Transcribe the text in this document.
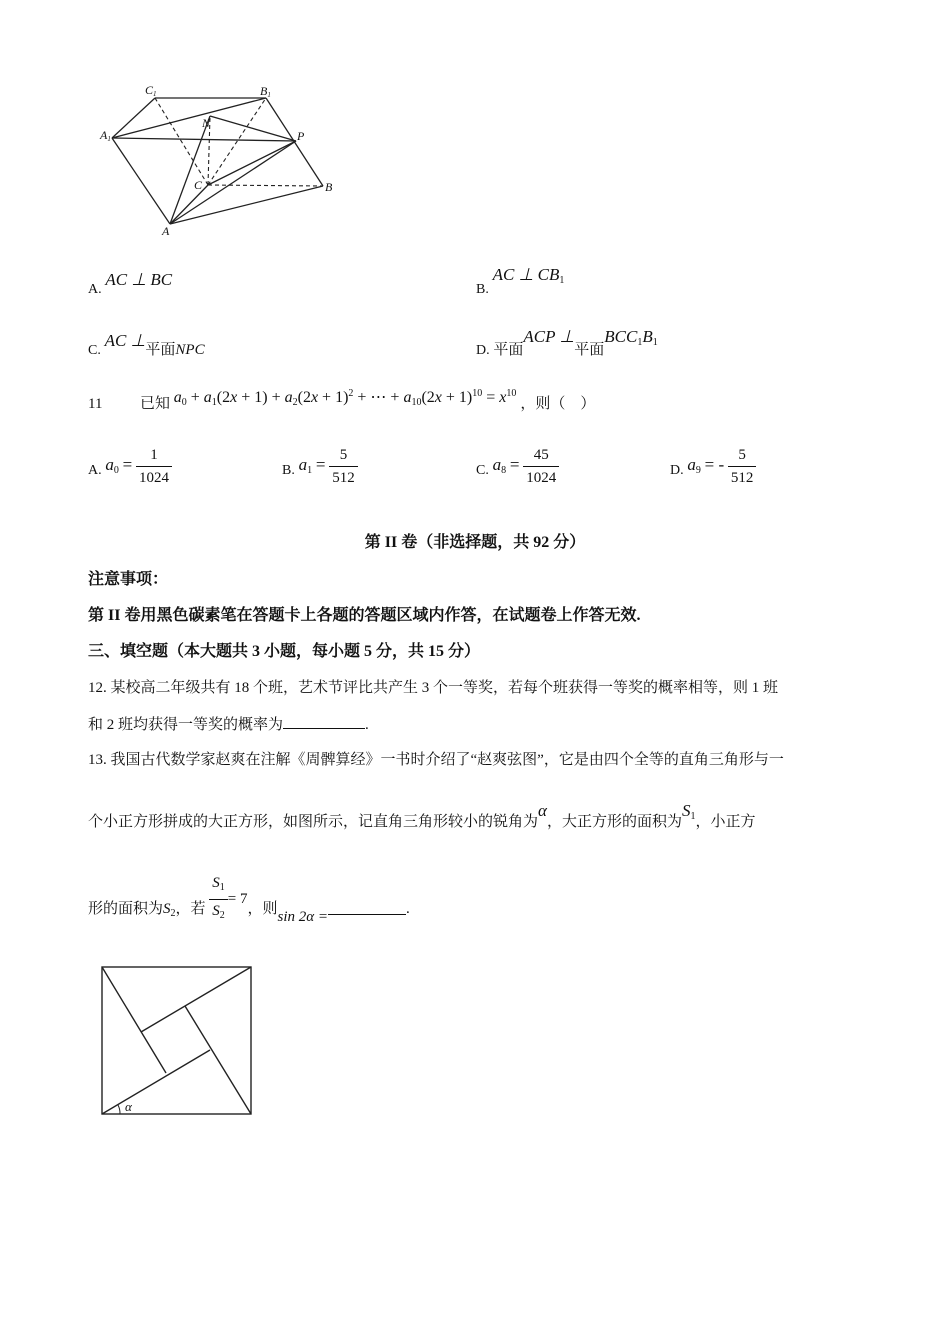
C1	B1
A1
N
P
C	B
A
A. AC ⊥ BC
B. AC ⊥ $CB_1$
C. AC ⊥平面NPC	D. 平面ACP ⊥平面$BCC_1B_1$
11	已知 $a_0 + a_1(2x + 1) + a_2(2x + 1)^2$ + ⋯ + $a_{10}(2x + 1)^{10} = x^{10}$ ，则（　）
A. $a_0 = \frac{1}{1024}$	B. $a_1 = \frac{5}{512}$	C. $a_8 = \frac{45}{1024}$	D. $a_9$ = - $\frac{5}{512}$
第 II 卷（非选择题，共 92 分）
注意事项：
第 II 卷用黑色碳素笔在答题卡上各题的答题区域内作答，在试题卷上作答无效.
三、填空题（本大题共 3 小题，每小题 5 分，共 15 分）
12. 某校高二年级共有 18 个班，艺术节评比共产生 3 个一等奖，若每个班获得一等奖的概率相等，则 1 班
和 2 班均获得一等奖的概率为	.
13. 我国古代数学家赵爽在注解《周髀算经》一书时介绍了“赵爽弦图”，它是由四个全等的直角三角形与一
个小正方形拼成的大正方形，如图所示，记直角三角形较小的锐角为α，大正方形的面积为$S_1$，小正方
形的面积为$S_2$，若 $\frac{S_1}{S_2} = 7$，则sin 2α =	.
α
